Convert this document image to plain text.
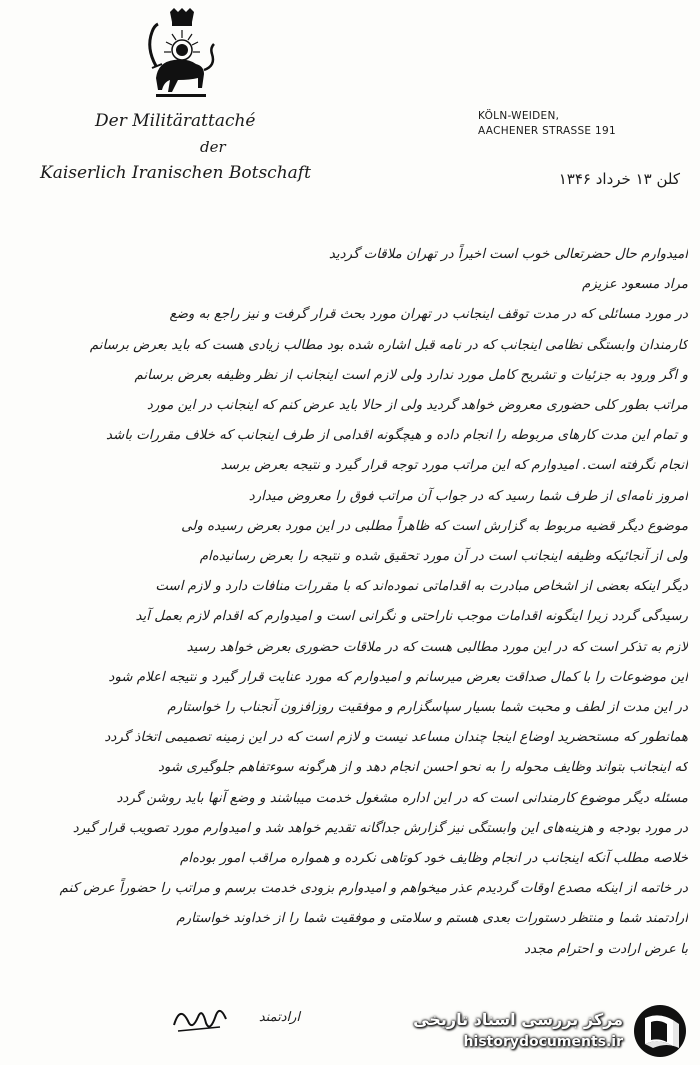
Der Militärattaché
der
Kaiserlich Iranischen Botschaft
KÖLN-WEIDEN,
AACHENER STRASSE 191
کلن ۱۳ خرداد ۱۳۴۶

امیدوارم حال حضرتعالی خوب است اخیراً در تهران ملاقات گردید

مراد مسعود عزیزم

در مورد مسائلی که در مدت توقف اینجانب در تهران مورد بحث قرار گرفت و نیز راجع به وضع

کارمندان وابستگی نظامی اینجانب که در نامه قبل اشاره شده بود مطالب زیادی هست که باید بعرض برسانم

و اگر ورود به جزئیات و تشریح کامل مورد ندارد ولی لازم است اینجانب از نظر وظیفه بعرض برسانم

مراتب بطور کلی حضوری معروض خواهد گردید ولی از حالا باید عرض کنم که اینجانب در این مورد

و تمام این مدت کارهای مربوطه را انجام داده و هیچگونه اقدامی از طرف اینجانب که خلاف مقررات باشد

انجام نگرفته است. امیدوارم که این مراتب مورد توجه قرار گیرد و نتیجه بعرض برسد

امروز نامه‌ای از طرف شما رسید که در جواب آن مراتب فوق را معروض میدارد

موضوع دیگر قضیه مربوط به گزارش است که ظاهراً مطلبی در این مورد بعرض رسیده ولی

ولی از آنجائیکه وظیفه اینجانب است در آن مورد تحقیق شده و نتیجه را بعرض رسانیده‌ام

دیگر اینکه بعضی از اشخاص مبادرت به اقداماتی نموده‌اند که با مقررات منافات دارد و لازم است

رسیدگی گردد زیرا اینگونه اقدامات موجب ناراحتی و نگرانی است و امیدوارم که اقدام لازم بعمل آید

لازم به تذکر است که در این مورد مطالبی هست که در ملاقات حضوری بعرض خواهد رسید

این موضوعات را با کمال صداقت بعرض میرسانم و امیدوارم که مورد عنایت قرار گیرد و نتیجه اعلام شود

در این مدت از لطف و محبت شما بسیار سپاسگزارم و موفقیت روزافزون آنجناب را خواستارم

همانطور که مستحضرید اوضاع اینجا چندان مساعد نیست و لازم است که در این زمینه تصمیمی اتخاذ گردد

که اینجانب بتواند وظایف محوله را به نحو احسن انجام دهد و از هرگونه سوءتفاهم جلوگیری شود

مسئله دیگر موضوع کارمندانی است که در این اداره مشغول خدمت میباشند و وضع آنها باید روشن گردد

در مورد بودجه و هزینه‌های این وابستگی نیز گزارش جداگانه تقدیم خواهد شد و امیدوارم مورد تصویب قرار گیرد

خلاصه مطلب آنکه اینجانب در انجام وظایف خود کوتاهی نکرده و همواره مراقب امور بوده‌ام

در خاتمه از اینکه مصدع اوقات گردیدم عذر میخواهم و امیدوارم بزودی خدمت برسم و مراتب را حضوراً عرض کنم

ارادتمند شما و منتظر دستورات بعدی هستم و سلامتی و موفقیت شما را از خداوند خواستارم

با عرض ارادت و احترام مجدد

ارادتمند	مرکز بررسی اسناد تاریخی
historydocuments.ir
